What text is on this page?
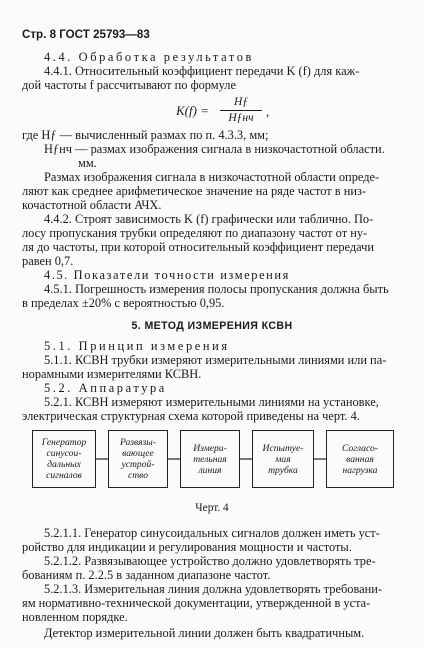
Стр. 8 ГОСТ 25793—83
4.4. Обработка результатов
4.4.1. Относительный коэффициент передачи K (f) для каж-
дой частоты f рассчитывают по формуле
K(f) =
Hƒ
Hƒнч ,
где Hƒ — вычисленный размах по п. 4.3.3, мм;
Hƒнч — размах изображения сигнала в низкочастотной области.
мм.
Размах изображения сигнала в низкочастотной области опреде-
ляют как среднее арифметическое значение на ряде частот в низ-
кочастотной области АЧХ.
4.4.2. Строят зависимость K (f) графически или таблично. По-
лосу пропускания трубки определяют по диапазону частот от ну-
ля до частоты, при которой относительный коэффициент передачи
равен 0,7.
4.5. Показатели точности измерения
4.5.1. Погрешность измерения полосы пропускания должна быть
в пределах ±20% с вероятностью 0,95.
5. МЕТОД ИЗМЕРЕНИЯ КСВН
5.1. Принцип измерения
5.1.1. КСВН трубки измеряют измерительными линиями или па-
норамными измерителями КСВН.
Генератор
синусои-
дальных
сигналов
Развязы-
вающее
устрой-
ство
Измери-
тельная
линия
Испытуе-
мая
трубка
Согласо-
ванная
нагрузка
5.2. Аппаратура
5.2.1. КСВН измеряют измерительными линиями на установке,
электрическая структурная схема которой приведены на черт. 4.
Черт. 4
5.2.1.1. Генератор синусоидальных сигналов должен иметь уст-
ройство для индикации и регулирования мощности и частоты.
5.2.1.2. Развязывающее устройство должно удовлетворять тре-
бованиям п. 2.2.5 в заданном диапазоне частот.
5.2.1.3. Измерительная линия должна удовлетворять требовани-
ям нормативно-технической документации, утвержденной в уста-
новленном порядке.
Детектор измерительной линии должен быть квадратичным.
